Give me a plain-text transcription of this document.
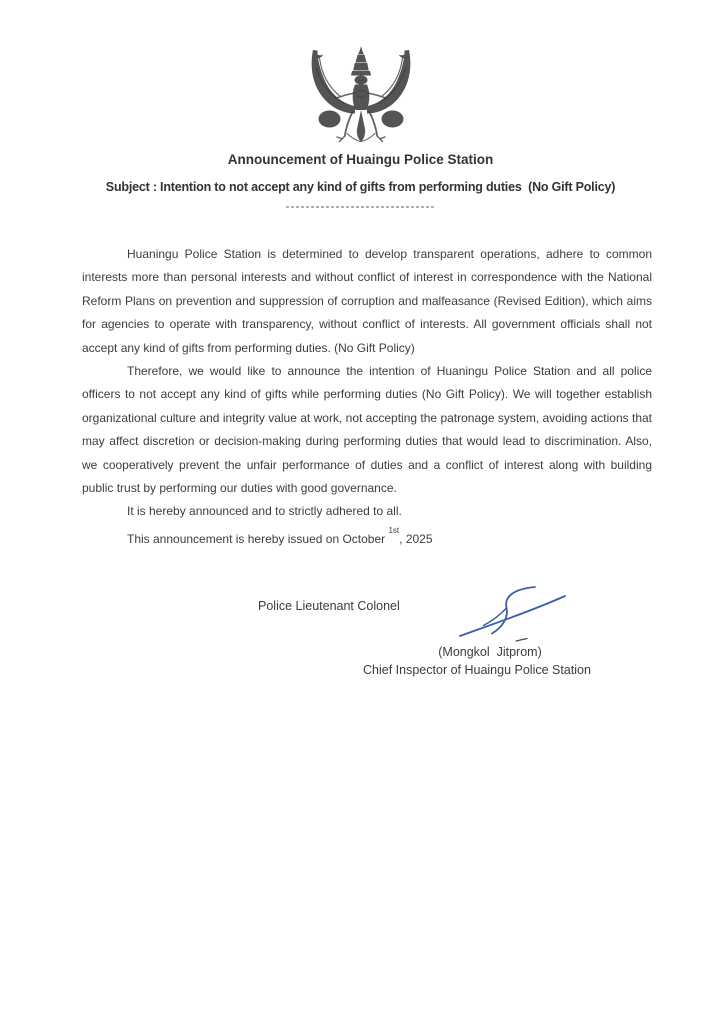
Announcement of Huaingu Police Station
Subject : Intention to not accept any kind of gifts from performing duties  (No Gift Policy)
------------------------------

Huaningu Police Station is determined to develop transparent operations, adhere to common interests more than personal interests and without conflict of interest in correspondence with the National Reform Plans on prevention and suppression of corruption and malfeasance (Revised Edition), which aims for agencies to operate with transparency, without conflict of interests. All government officials shall not accept any kind of gifts from performing duties. (No Gift Policy)

Therefore, we would like to announce the intention of Huaningu Police Station and all police officers to not accept any kind of gifts while performing duties (No Gift Policy). We will together establish organizational culture and integrity value at work, not accepting the patronage system, avoiding actions that may affect discretion or decision-making during performing duties that would lead to discrimination. Also, we cooperatively prevent the unfair performance of duties and a conflict of interest along with building public trust by performing our duties with good governance.

It is hereby announced and to strictly adhered to all.

This announcement is hereby issued on October $^{1st}$, 2025

Police Lieutenant Colonel
(Mongkol  Jitprom)
Chief Inspector of Huaingu Police Station
